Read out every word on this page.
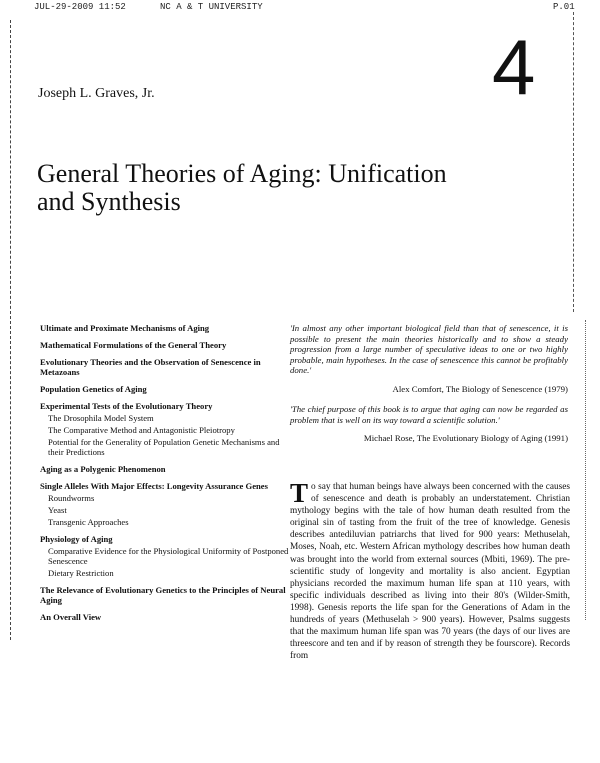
JUL-29-2009 11:52	NC A & T UNIVERSITY	P.01
Joseph L. Graves, Jr.	4
General Theories of Aging: Unification and Synthesis
Ultimate and Proximate Mechanisms of Aging
Mathematical Formulations of the General Theory
Evolutionary Theories and the Observation of Senescence in Metazoans
Population Genetics of Aging
Experimental Tests of the Evolutionary Theory
The Drosophila Model System
The Comparative Method and Antagonistic Pleiotropy
Potential for the Generality of Population Genetic Mechanisms and their Predictions
Aging as a Polygenic Phenomenon
Single Alleles With Major Effects: Longevity Assurance Genes
Roundworms
Yeast
Transgenic Approaches
Physiology of Aging
Comparative Evidence for the Physiological Uniformity of Postponed Senescence
Dietary Restriction
The Relevance of Evolutionary Genetics to the Principles of Neural Aging
An Overall View
'In almost any other important biological field than that of senescence, it is possible to present the main theories historically and to show a steady progression from a large number of speculative ideas to one or two highly probable, main hypotheses. In the case of senescence this cannot be profitably done.'
Alex Comfort, The Biology of Senescence (1979)
'The chief purpose of this book is to argue that aging can now be regarded as problem that is well on its way toward a scientific solution.'
Michael Rose, The Evolutionary Biology of Aging (1991)
To say that human beings have always been concerned with the causes of senescence and death is probably an understatement. Christian mythology begins with the tale of how human death resulted from the original sin of tasting from the fruit of the tree of knowledge. Genesis describes antediluvian patriarchs that lived for 900 years: Methuselah, Moses, Noah, etc. Western African mythology describes how human death was brought into the world from external sources (Mbiti, 1969). The pre-scientific study of longevity and mortality is also ancient. Egyptian physicians recorded the maximum human life span at 110 years, with specific individuals described as living into their 80's (Wilder-Smith, 1998). Genesis reports the life span for the Generations of Adam in the hundreds of years (Methuselah > 900 years). However, Psalms suggests that the maximum human life span was 70 years (the days of our lives are threescore and ten and if by reason of strength they be fourscore). Records from
